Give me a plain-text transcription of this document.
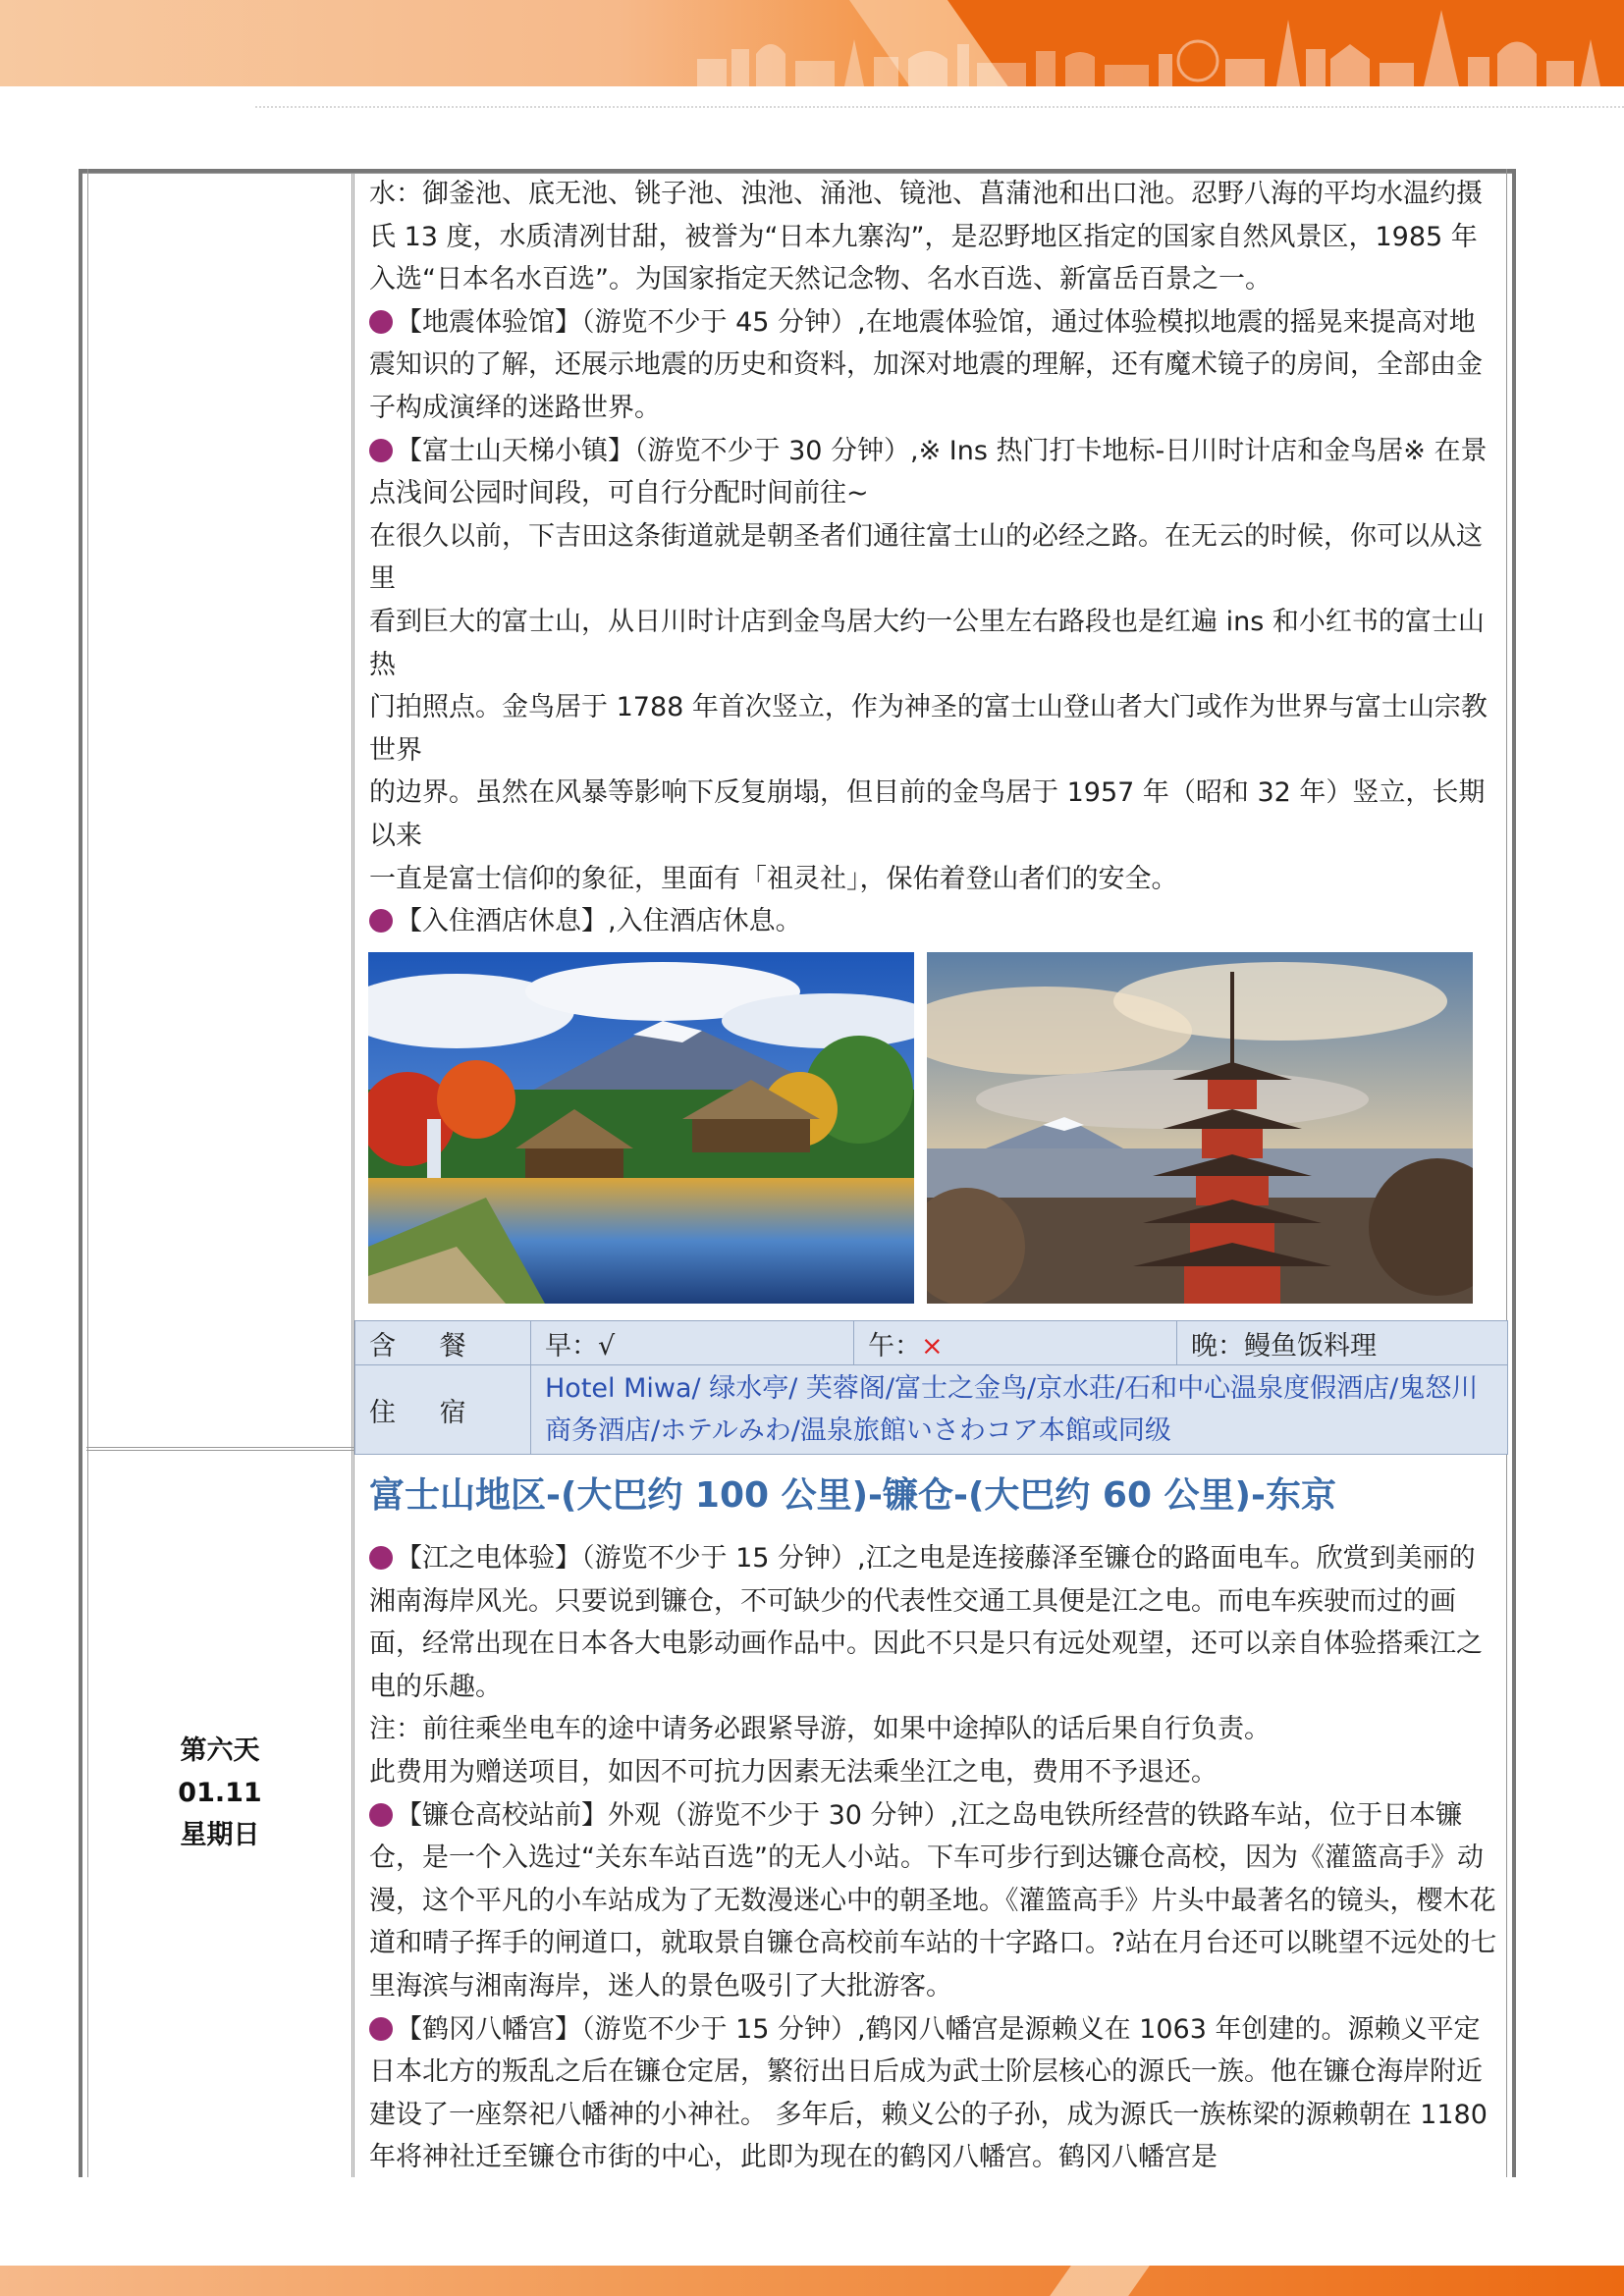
水：御釜池、底无池、铫子池、浊池、涌池、镜池、菖蒲池和出口池。忍野八海的平均水温约摄氏 13 度，水质清冽甘甜，被誉为“日本九寨沟”，是忍野地区指定的国家自然风景区，1985 年入选“日本名水百选”。为国家指定天然记念物、名水百选、新富岳百景之一。

【地震体验馆】（游览不少于 45 分钟）,在地震体验馆，通过体验模拟地震的摇晃来提高对地震知识的了解，还展示地震的历史和资料，加深对地震的理解，还有魔术镜子的房间，全部由金子构成演绎的迷路世界。

【富士山天梯小镇】（游览不少于 30 分钟）,※ Ins 热门打卡地标-日川时计店和金鸟居※ 在景点浅间公园时间段，可自行分配时间前往~

在很久以前，下吉田这条街道就是朝圣者们通往富士山的必经之路。在无云的时候，你可以从这里

看到巨大的富士山，从日川时计店到金鸟居大约一公里左右路段也是红遍 ins 和小红书的富士山热

门拍照点。金鸟居于 1788 年首次竖立，作为神圣的富士山登山者大门或作为世界与富士山宗教世界

的边界。虽然在风暴等影响下反复崩塌，但目前的金鸟居于 1957 年（昭和 32 年）竖立，长期以来

一直是富士信仰的象征，里面有「祖灵社」，保佑着登山者们的安全。

【入住酒店休息】,入住酒店休息。

含 餐	早：√	午：×	晚：鳗鱼饭料理
住 宿	Hotel Miwa/ 绿水亭/ 芙蓉阁/富士之金鸟/京水荘/石和中心温泉度假酒店/鬼怒川商务酒店/ホテルみわ/温泉旅館いさわコア本館或同级		
第六天
01.11
星期日
富士山地区-(大巴约 100 公里)-镰仓-(大巴约 60 公里)-东京

【江之电体验】（游览不少于 15 分钟）,江之电是连接藤泽至镰仓的路面电车。欣赏到美丽的湘南海岸风光。只要说到镰仓，不可缺少的代表性交通工具便是江之电。而电车疾驶而过的画面，经常出现在日本各大电影动画作品中。因此不只是只有远处观望，还可以亲自体验搭乘江之电的乐趣。

注：前往乘坐电车的途中请务必跟紧导游，如果中途掉队的话后果自行负责。

此费用为赠送项目，如因不可抗力因素无法乘坐江之电，费用不予退还。

【镰仓高校站前】外观（游览不少于 30 分钟）,江之岛电铁所经营的铁路车站，位于日本镰仓，是一个入选过“关东车站百选”的无人小站。下车可步行到达镰仓高校，因为《灌篮高手》动漫，这个平凡的小车站成为了无数漫迷心中的朝圣地。《灌篮高手》片头中最著名的镜头，樱木花道和晴子挥手的闸道口，就取景自镰仓高校前车站的十字路口。?站在月台还可以眺望不远处的七里海滨与湘南海岸，迷人的景色吸引了大批游客。

【鹤冈八幡宫】（游览不少于 15 分钟）,鹤冈八幡宫是源赖义在 1063 年创建的。源赖义平定日本北方的叛乱之后在镰仓定居，繁衍出日后成为武士阶层核心的源氏一族。他在镰仓海岸附近建设了一座祭祀八幡神的小神社。 多年后，赖义公的子孙，成为源氏一族栋梁的源赖朝在 1180 年将神社迁至镰仓市街的中心，此即为现在的鹤冈八幡宫。鹤冈八幡宫是
